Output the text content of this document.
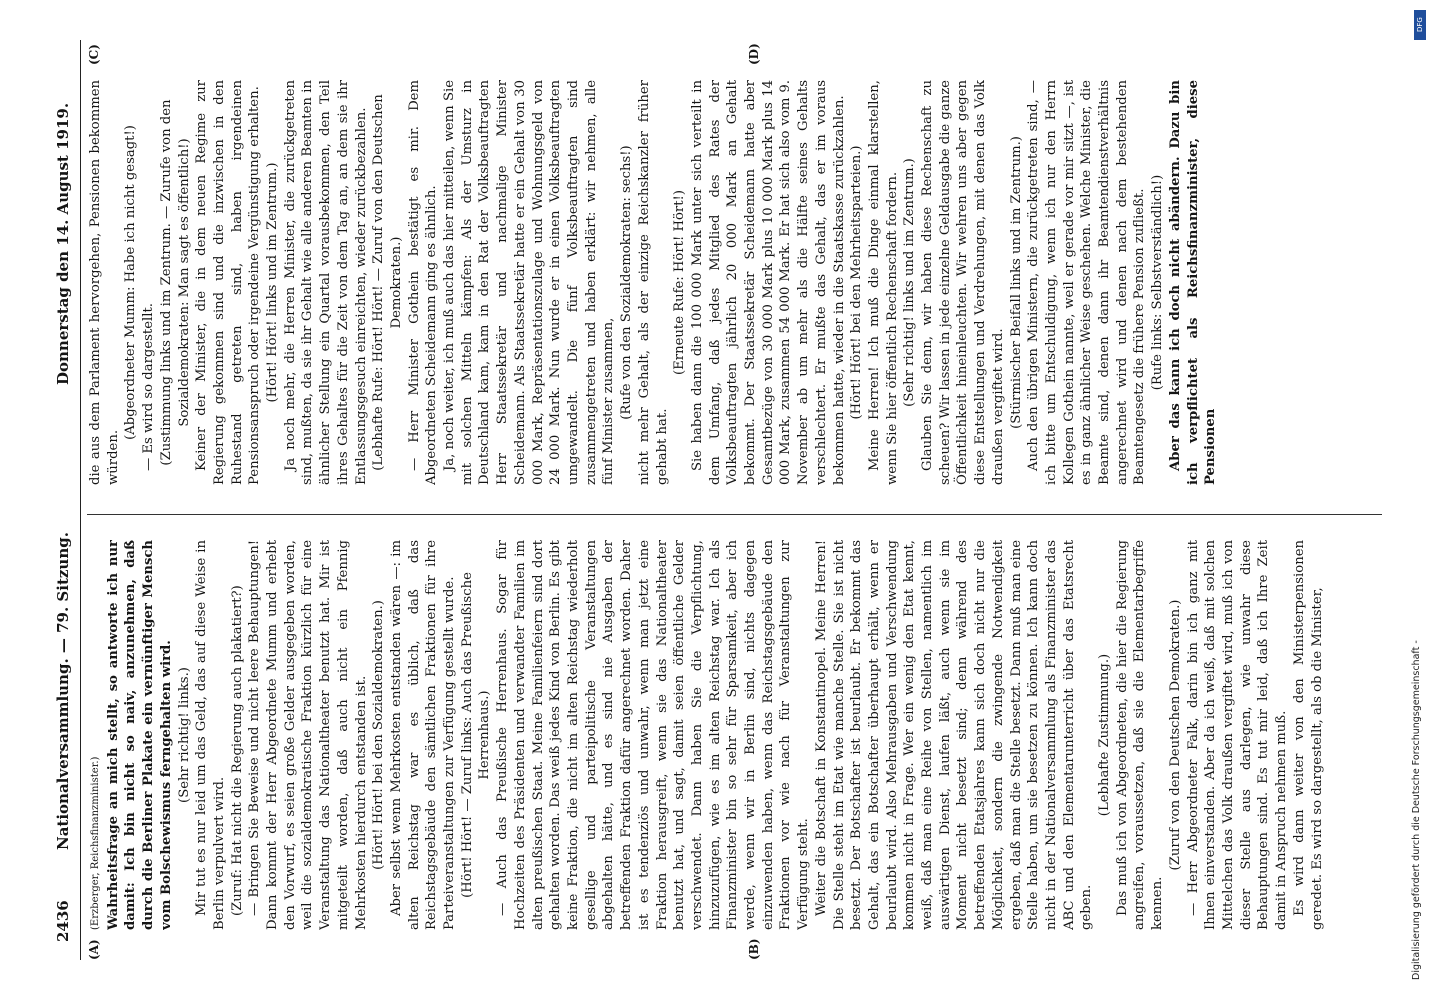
2436
Nationalversammlung. — 79. Sitzung.
Donnerstag den 14. August 1919.
(A)	(B)
(C)	(D)

(Erzberger, Reichsfinanzminister.) Wahrheitsfrage an mich stellt, so antworte ich nur damit: Ich bin nicht so naiv, anzunehmen, daß durch die Berliner Plakate ein vernünftiger Mensch vom Bolschewismus ferngehalten wird. (Sehr richtig! links.) Mir tut es nur leid um das Geld, das auf diese Weise in Berlin verpulvert wird. (Zuruf: Hat nicht die Regierung auch plakatiert?) — Bringen Sie Beweise und nicht leere Behauptungen! Dann kommt der Herr Abgeordnete Mumm und erhebt den Vorwurf, es seien große Gelder ausgegeben worden, weil die sozialdemokratische Fraktion kürzlich für eine Veranstaltung das Nationaltheater benutzt hat. Mir ist mitgeteilt worden, daß auch nicht ein Pfennig Mehrkosten hierdurch entstanden ist. (Hört! Hört! bei den Sozialdemokraten.) Aber selbst wenn Mehrkosten entstanden wären —: im alten Reichstag war es üblich, daß das Reichstagsgebäude den sämtlichen Fraktionen für ihre Parteiveranstaltungen zur Verfügung gestellt wurde. (Hört! Hört! — Zuruf links: Auch das Preußische Herrenhaus.) — Auch das Preußische Herrenhaus. Sogar für Hochzeiten des Präsidenten und verwandter Familien im alten preußischen Staat. Meine Familienfeiern sind dort gehalten worden. Das weiß jedes Kind von Berlin. Es gibt keine Fraktion, die nicht im alten Reichstag wiederholt gesellige und parteipolitische Veranstaltungen abgehalten hätte, und es sind nie Ausgaben der betreffenden Fraktion dafür angerechnet worden. Daher ist es tendenziös und unwahr, wenn man jetzt eine Fraktion herausgreift, wenn sie das Nationaltheater benutzt hat, und sagt, damit seien öffentliche Gelder verschwendet. Dann haben Sie die Verpflichtung, hinzuzufügen, wie es im alten Reichstag war. Ich als Finanzminister bin so sehr für Sparsamkeit, aber ich werde, wenn wir in Berlin sind, nichts dagegen einzuwenden haben, wenn das Reichstagsgebäude den Fraktionen vor wie nach für Veranstaltungen zur Verfügung steht. Weiter die Botschaft in Konstantinopel. Meine Herren! Die Stelle steht im Etat wie manche Stelle. Sie ist nicht besetzt. Der Botschafter ist beurlaubt. Er bekommt das Gehalt, das ein Botschafter überhaupt erhält, wenn er beurlaubt wird. Also Mehrausgaben und Verschwendung kommen nicht in Frage. Wer ein wenig den Etat kennt, weiß, daß man eine Reihe von Stellen, namentlich im auswärtigen Dienst, laufen läßt, auch wenn sie im Moment nicht besetzt sind; denn während des betreffenden Etatsjahres kann sich doch nicht nur die Möglichkeit, sondern die zwingende Notwendigkeit ergeben, daß man die Stelle besetzt. Dann muß man eine Stelle haben, um sie besetzen zu können. Ich kann doch nicht in der Nationalversammlung als Finanzminister das ABC und den Elementarunterricht über das Etatsrecht geben.

(Lebhafte Zustimmung.) Das muß ich von Abgeordneten, die hier die Regierung angreifen, voraussetzen, daß sie die Elementarbegriffe kennen.

(Zuruf von den Deutschen Demokraten.) — Herr Abgeordneter Falk, darin bin ich ganz mit Ihnen einverstanden. Aber da ich weiß, daß mit solchen Mittelchen das Volk draußen vergiftet wird, muß ich von dieser Stelle aus darlegen, wie unwahr diese Behauptungen sind. Es tut mir leid, daß ich Ihre Zeit damit in Anspruch nehmen muß. Es wird dann weiter von den Ministerpensionen geredet. Es wird so dargestellt, als ob die Minister,

die aus dem Parlament hervorgehen, Pensionen bekommen würden.

(Abgeordneter Mumm: Habe ich nicht gesagt!) — Es wird so dargestellt. (Zustimmung links und im Zentrum. — Zurufe von den Sozialdemokraten: Man sagt es öffentlich!) Keiner der Minister, die in dem neuen Regime zur Regierung gekommen sind und die inzwischen in den Ruhestand getreten sind, haben irgendeinen Pensionsanspruch oder irgendeine Vergünstigung erhalten. (Hört! Hört! links und im Zentrum.) Ja noch mehr, die Herren Minister, die zurückgetreten sind, mußten, da sie ihr Gehalt wie alle anderen Beamten in ähnlicher Stellung ein Quartal vorausbekommen, den Teil ihres Gehaltes für die Zeit von dem Tag an, an dem sie ihr Entlassungsgesuch einreichten, wieder zurückbezahlen. (Lebhafte Rufe: Hört! Hört! — Zuruf von den Deutschen Demokraten.) — Herr Minister Gothein bestätigt es mir. Dem Abgeordneten Scheidemann ging es ähnlich. Ja, noch weiter, ich muß auch das hier mitteilen, wenn Sie mit solchen Mitteln kämpfen: Als der Umsturz in Deutschland kam, kam in den Rat der Volksbeauftragten Herr Staatssekretär und nachmalige Minister Scheidemann. Als Staatssekretär hatte er ein Gehalt von 30 000 Mark, Repräsentationszulage und Wohnungsgeld von 24 000 Mark. Nun wurde er in einen Volksbeauftragten umgewandelt. Die fünf Volksbeauftragten sind zusammengetreten und haben erklärt: wir nehmen, alle fünf Minister zusammen, (Rufe von den Sozialdemokraten: sechs!) nicht mehr Gehalt, als der einzige Reichskanzler früher gehabt hat.

(Erneute Rufe: Hört! Hört!) Sie haben dann die 100 000 Mark unter sich verteilt in dem Umfang, daß jedes Mitglied des Rates der Volksbeauftragten jährlich 20 000 Mark an Gehalt bekommt. Der Staatssekretär Scheidemann hatte aber Gesamtbezüge von 30 000 Mark plus 10 000 Mark plus 14 000 Mark, zusammen 54 000 Mark. Er hat sich also vom 9. November ab um mehr als die Hälfte seines Gehalts verschlechtert. Er mußte das Gehalt, das er im voraus bekommen hatte, wieder in die Staatskasse zurückzahlen. (Hört! Hört! bei den Mehrheitsparteien.) Meine Herren! Ich muß die Dinge einmal klarstellen, wenn Sie hier öffentlich Rechenschaft fordern. (Sehr richtig! links und im Zentrum.) Glauben Sie denn, wir haben diese Rechenschaft zu scheuen? Wir lassen in jede einzelne Geldausgabe die ganze Öffentlichkeit hineinleuchten. Wir wehren uns aber gegen diese Entstellungen und Verdrehungen, mit denen das Volk draußen vergiftet wird. (Stürmischer Beifall links und im Zentrum.) Auch den übrigen Ministern, die zurückgetreten sind, — ich bitte um Entschuldigung, wenn ich nur den Herrn Kollegen Gothein nannte, weil er gerade vor mir sitzt —, ist es in ganz ähnlicher Weise geschehen. Welche Minister, die Beamte sind, denen dann ihr Beamtendienstverhältnis angerechnet wird und denen nach dem bestehenden Beamtengesetz die frühere Pension zufließt. (Rufe links: Selbstverständlich!) Aber das kann ich doch nicht abändern. Dazu bin ich verpflichtet als Reichsfinanzminister, diese Pensionen

DFG
Digitalisierung gefördert durch die Deutsche Forschungsgemeinschaft -
